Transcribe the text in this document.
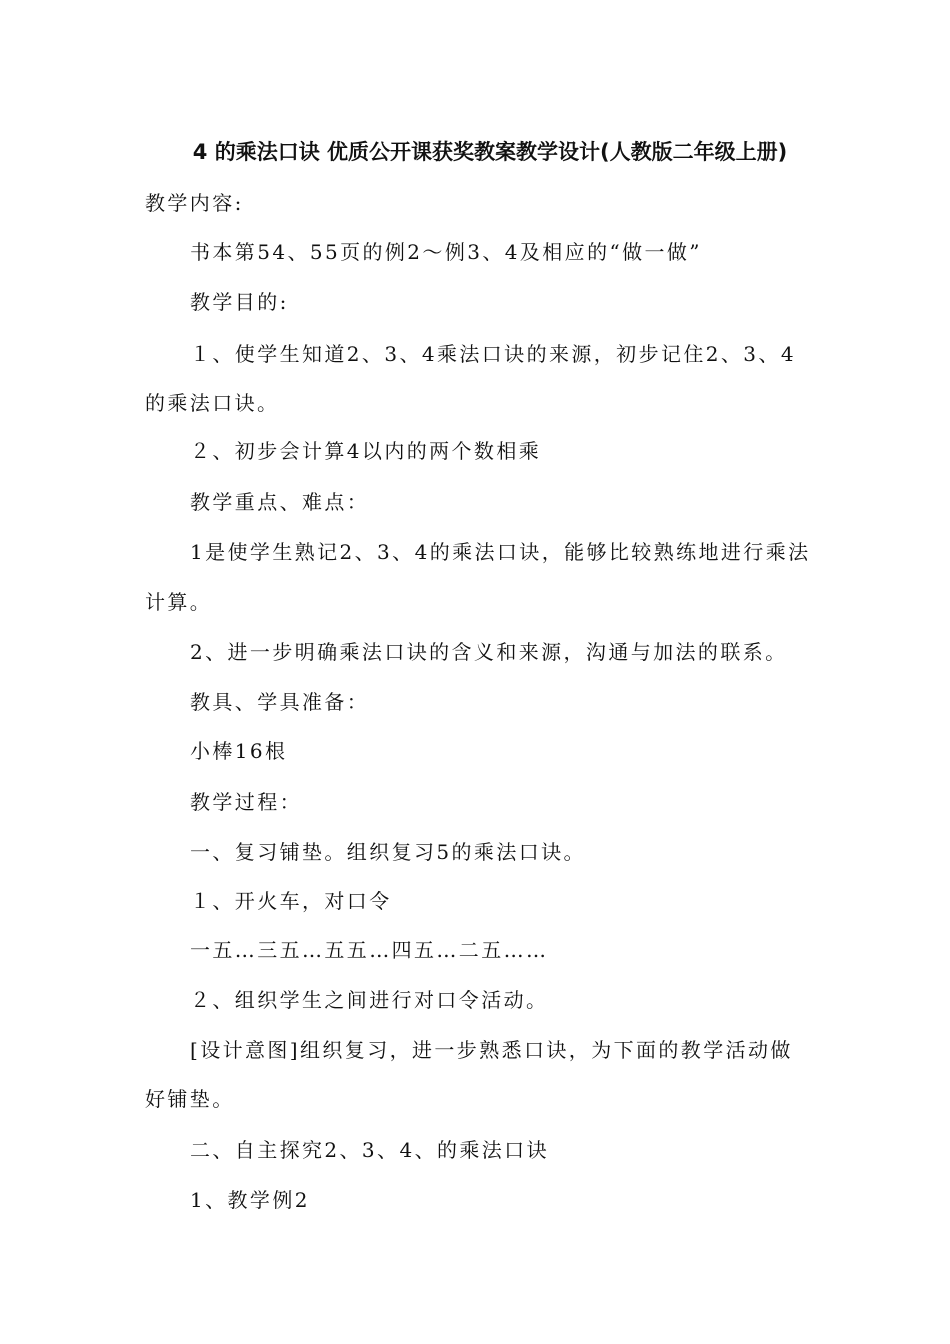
4 的乘法口诀 优质公开课获奖教案教学设计(人教版二年级上册)
教学内容:
书本第54、55页的例2～例3、4及相应的“做一做”
教学目的:
１、使学生知道2、3、4乘法口诀的来源，初步记住2、3、4
的乘法口诀。
２、初步会计算4以内的两个数相乘
教学重点、难点：
1是使学生熟记2、3、4的乘法口诀，能够比较熟练地进行乘法
计算。
2、进一步明确乘法口诀的含义和来源，沟通与加法的联系。
教具、学具准备：
小棒16根
教学过程：
一、复习铺垫。组织复习5的乘法口诀。
１、开火车，对口令
一五…三五…五五…四五…二五……
２、组织学生之间进行对口令活动。
[设计意图]组织复习，进一步熟悉口诀，为下面的教学活动做
好铺垫。
二、自主探究2、3、4、的乘法口诀
1、教学例2
